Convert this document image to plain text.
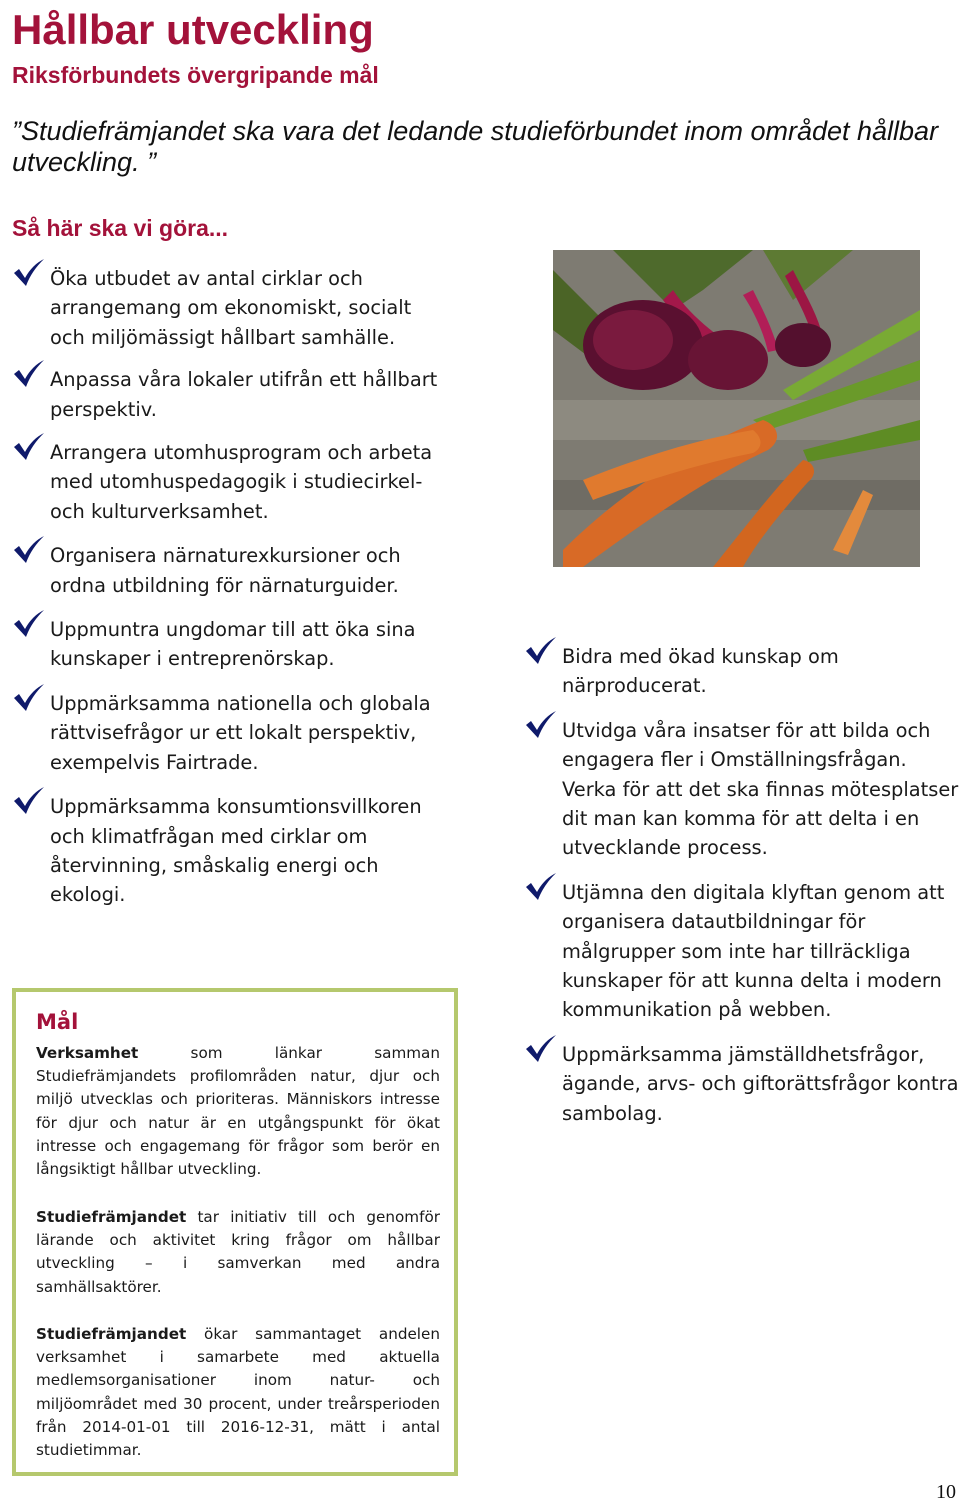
Hållbar utveckling
Riksförbundets övergripande mål

”Studiefrämjandet ska vara det ledande studieförbundet inom området hållbar utveckling. ”

Så här ska vi göra...
Öka utbudet av antal cirklar och arrangemang om ekonomiskt, socialt och miljömässigt hållbart samhälle.
Anpassa våra lokaler utifrån ett hållbart perspektiv.
Arrangera utomhusprogram och arbeta med utomhuspedagogik i studiecirkel- och kulturverksamhet.
Organisera närnaturexkursioner och ordna utbildning för närnaturguider.
Uppmuntra ungdomar till att öka sina kunskaper i entreprenörskap.
Uppmärksamma nationella och globala rättvisefrågor ur ett lokalt perspektiv, exempelvis Fairtrade.
Uppmärksamma konsumtionsvillkoren och klimatfrågan med cirklar om återvinning, småskalig energi och ekologi.
Bidra med ökad kunskap om närproducerat.
Utvidga våra insatser för att bilda och engagera fler i Omställningsfrågan. Verka för att det ska finnas mötesplatser dit man kan komma för att delta i en utvecklande process.
Utjämna den digitala klyftan genom att organisera datautbildningar för målgrupper som inte har tillräckliga kunskaper för att kunna delta i modern kommunikation på webben.
Uppmärksamma jämställdhetsfrågor, ägande, arvs- och giftorättsfrågor kontra sambolag.
Mål

Verksamhet som länkar samman Studiefrämjandets profilområden natur, djur och miljö utvecklas och prioriteras. Människors intresse för djur och natur är en utgångspunkt för ökat intresse och engagemang för frågor som berör en långsiktigt hållbar utveckling.

Studiefrämjandet tar initiativ till och genomför lärande och aktivitet kring frågor om hållbar utveckling – i samverkan med andra samhällsaktörer.

Studiefrämjandet ökar sammantaget andelen verksamhet i samarbete med aktuella medlemsorganisationer inom natur- och miljöområdet med 30 procent, under treårsperioden från 2014-01-01 till 2016-12-31, mätt i antal studietimmar.

10
